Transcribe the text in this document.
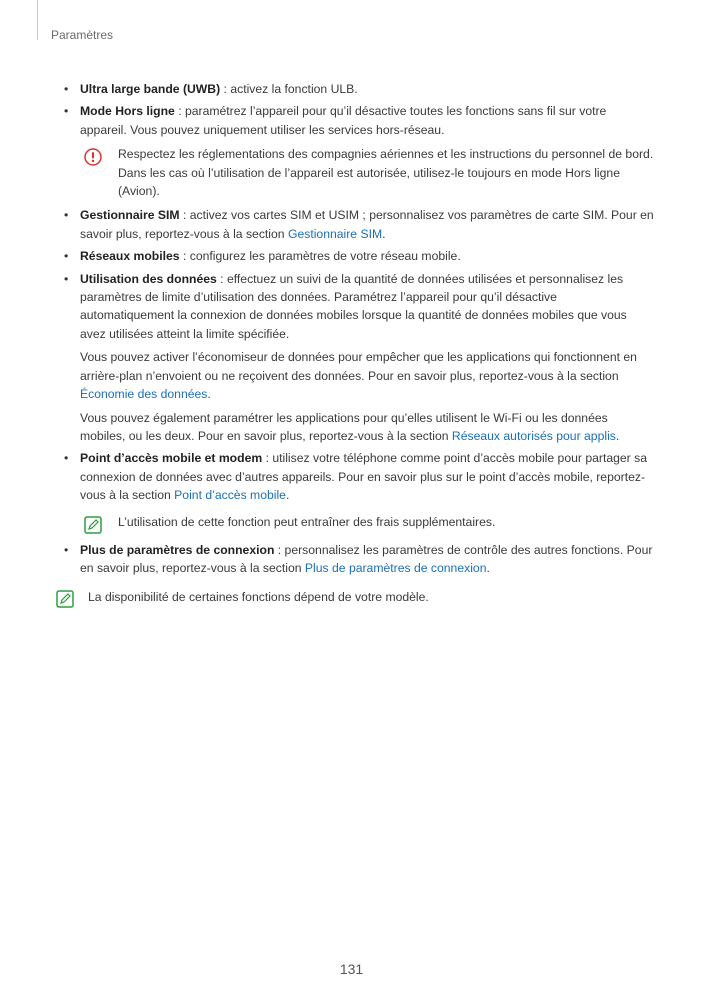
Paramètres
• Ultra large bande (UWB) : activez la fonction ULB.
• Mode Hors ligne : paramétrez l’appareil pour qu’il désactive toutes les fonctions sans fil sur votre appareil. Vous pouvez uniquement utiliser les services hors-réseau.

Respectez les réglementations des compagnies aériennes et les instructions du personnel de bord. Dans les cas où l’utilisation de l’appareil est autorisée, utilisez-le toujours en mode Hors ligne (Avion).

• Gestionnaire SIM : activez vos cartes SIM et USIM ; personnalisez vos paramètres de carte SIM. Pour en savoir plus, reportez-vous à la section Gestionnaire SIM.
• Réseaux mobiles : configurez les paramètres de votre réseau mobile.
• Utilisation des données : effectuez un suivi de la quantité de données utilisées et personnalisez les paramètres de limite d’utilisation des données. Paramétrez l’appareil pour qu’il désactive automatiquement la connexion de données mobiles lorsque la quantité de données mobiles que vous avez utilisées atteint la limite spécifiée.

Vous pouvez activer l’économiseur de données pour empêcher que les applications qui fonctionnent en arrière-plan n’envoient ou ne reçoivent des données. Pour en savoir plus, reportez-vous à la section Économie des données.

Vous pouvez également paramétrer les applications pour qu’elles utilisent le Wi-Fi ou les données mobiles, ou les deux. Pour en savoir plus, reportez-vous à la section Réseaux autorisés pour applis.

• Point d’accès mobile et modem : utilisez votre téléphone comme point d’accès mobile pour partager sa connexion de données avec d’autres appareils. Pour en savoir plus sur le point d’accès mobile, reportez-vous à la section Point d’accès mobile.

L’utilisation de cette fonction peut entraîner des frais supplémentaires.

• Plus de paramètres de connexion : personnalisez les paramètres de contrôle des autres fonctions. Pour en savoir plus, reportez-vous à la section Plus de paramètres de connexion.

La disponibilité de certaines fonctions dépend de votre modèle.

131
